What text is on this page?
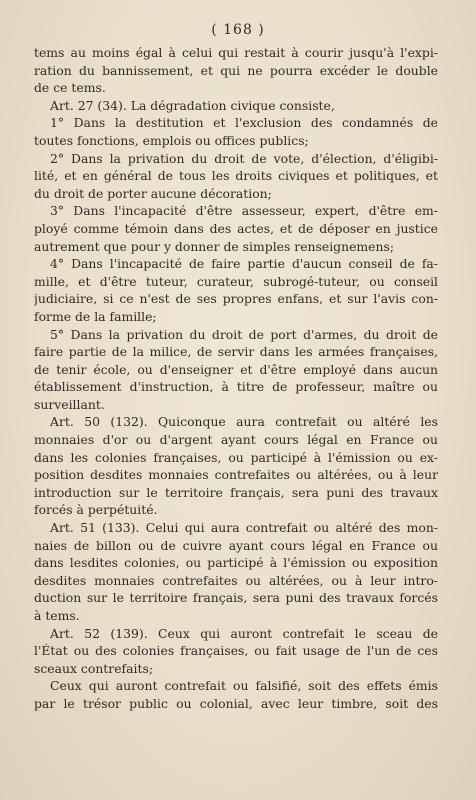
( 168 )
tems au moins égal à celui qui restait à courir jusqu'à l'expi-
ration du bannissement, et qui ne pourra excéder le double
de ce tems.
Art. 27 (34). La dégradation civique consiste,
1° Dans la destitution et l'exclusion des condamnés de
toutes fonctions, emplois ou offices publics;
2° Dans la privation du droit de vote, d'élection, d'éligibi-
lité, et en général de tous les droits civiques et politiques, et
du droit de porter aucune décoration;
3° Dans l'incapacité d'être assesseur, expert, d'être em-
ployé comme témoin dans des actes, et de déposer en justice
autrement que pour y donner de simples renseignemens;
4° Dans l'incapacité de faire partie d'aucun conseil de fa-
mille, et d'être tuteur, curateur, subrogé-tuteur, ou conseil
judiciaire, si ce n'est de ses propres enfans, et sur l'avis con-
forme de la famille;
5° Dans la privation du droit de port d'armes, du droit de
faire partie de la milice, de servir dans les armées françaises,
de tenir école, ou d'enseigner et d'être employé dans aucun
établissement d'instruction, à titre de professeur, maître ou
surveillant.
Art. 50 (132). Quiconque aura contrefait ou altéré les
monnaies d'or ou d'argent ayant cours légal en France ou
dans les colonies françaises, ou participé à l'émission ou ex-
position desdites monnaies contrefaites ou altérées, ou à leur
introduction sur le territoire français, sera puni des travaux
forcés à perpétuité.
Art. 51 (133). Celui qui aura contrefait ou altéré des mon-
naies de billon ou de cuivre ayant cours légal en France ou
dans lesdites colonies, ou participé à l'émission ou exposition
desdites monnaies contrefaites ou altérées, ou à leur intro-
duction sur le territoire français, sera puni des travaux forcés
à tems.
Art. 52 (139). Ceux qui auront contrefait le sceau de
l'État ou des colonies françaises, ou fait usage de l'un de ces
sceaux contrefaits;
Ceux qui auront contrefait ou falsifié, soit des effets émis
par le trésor public ou colonial, avec leur timbre, soit des
